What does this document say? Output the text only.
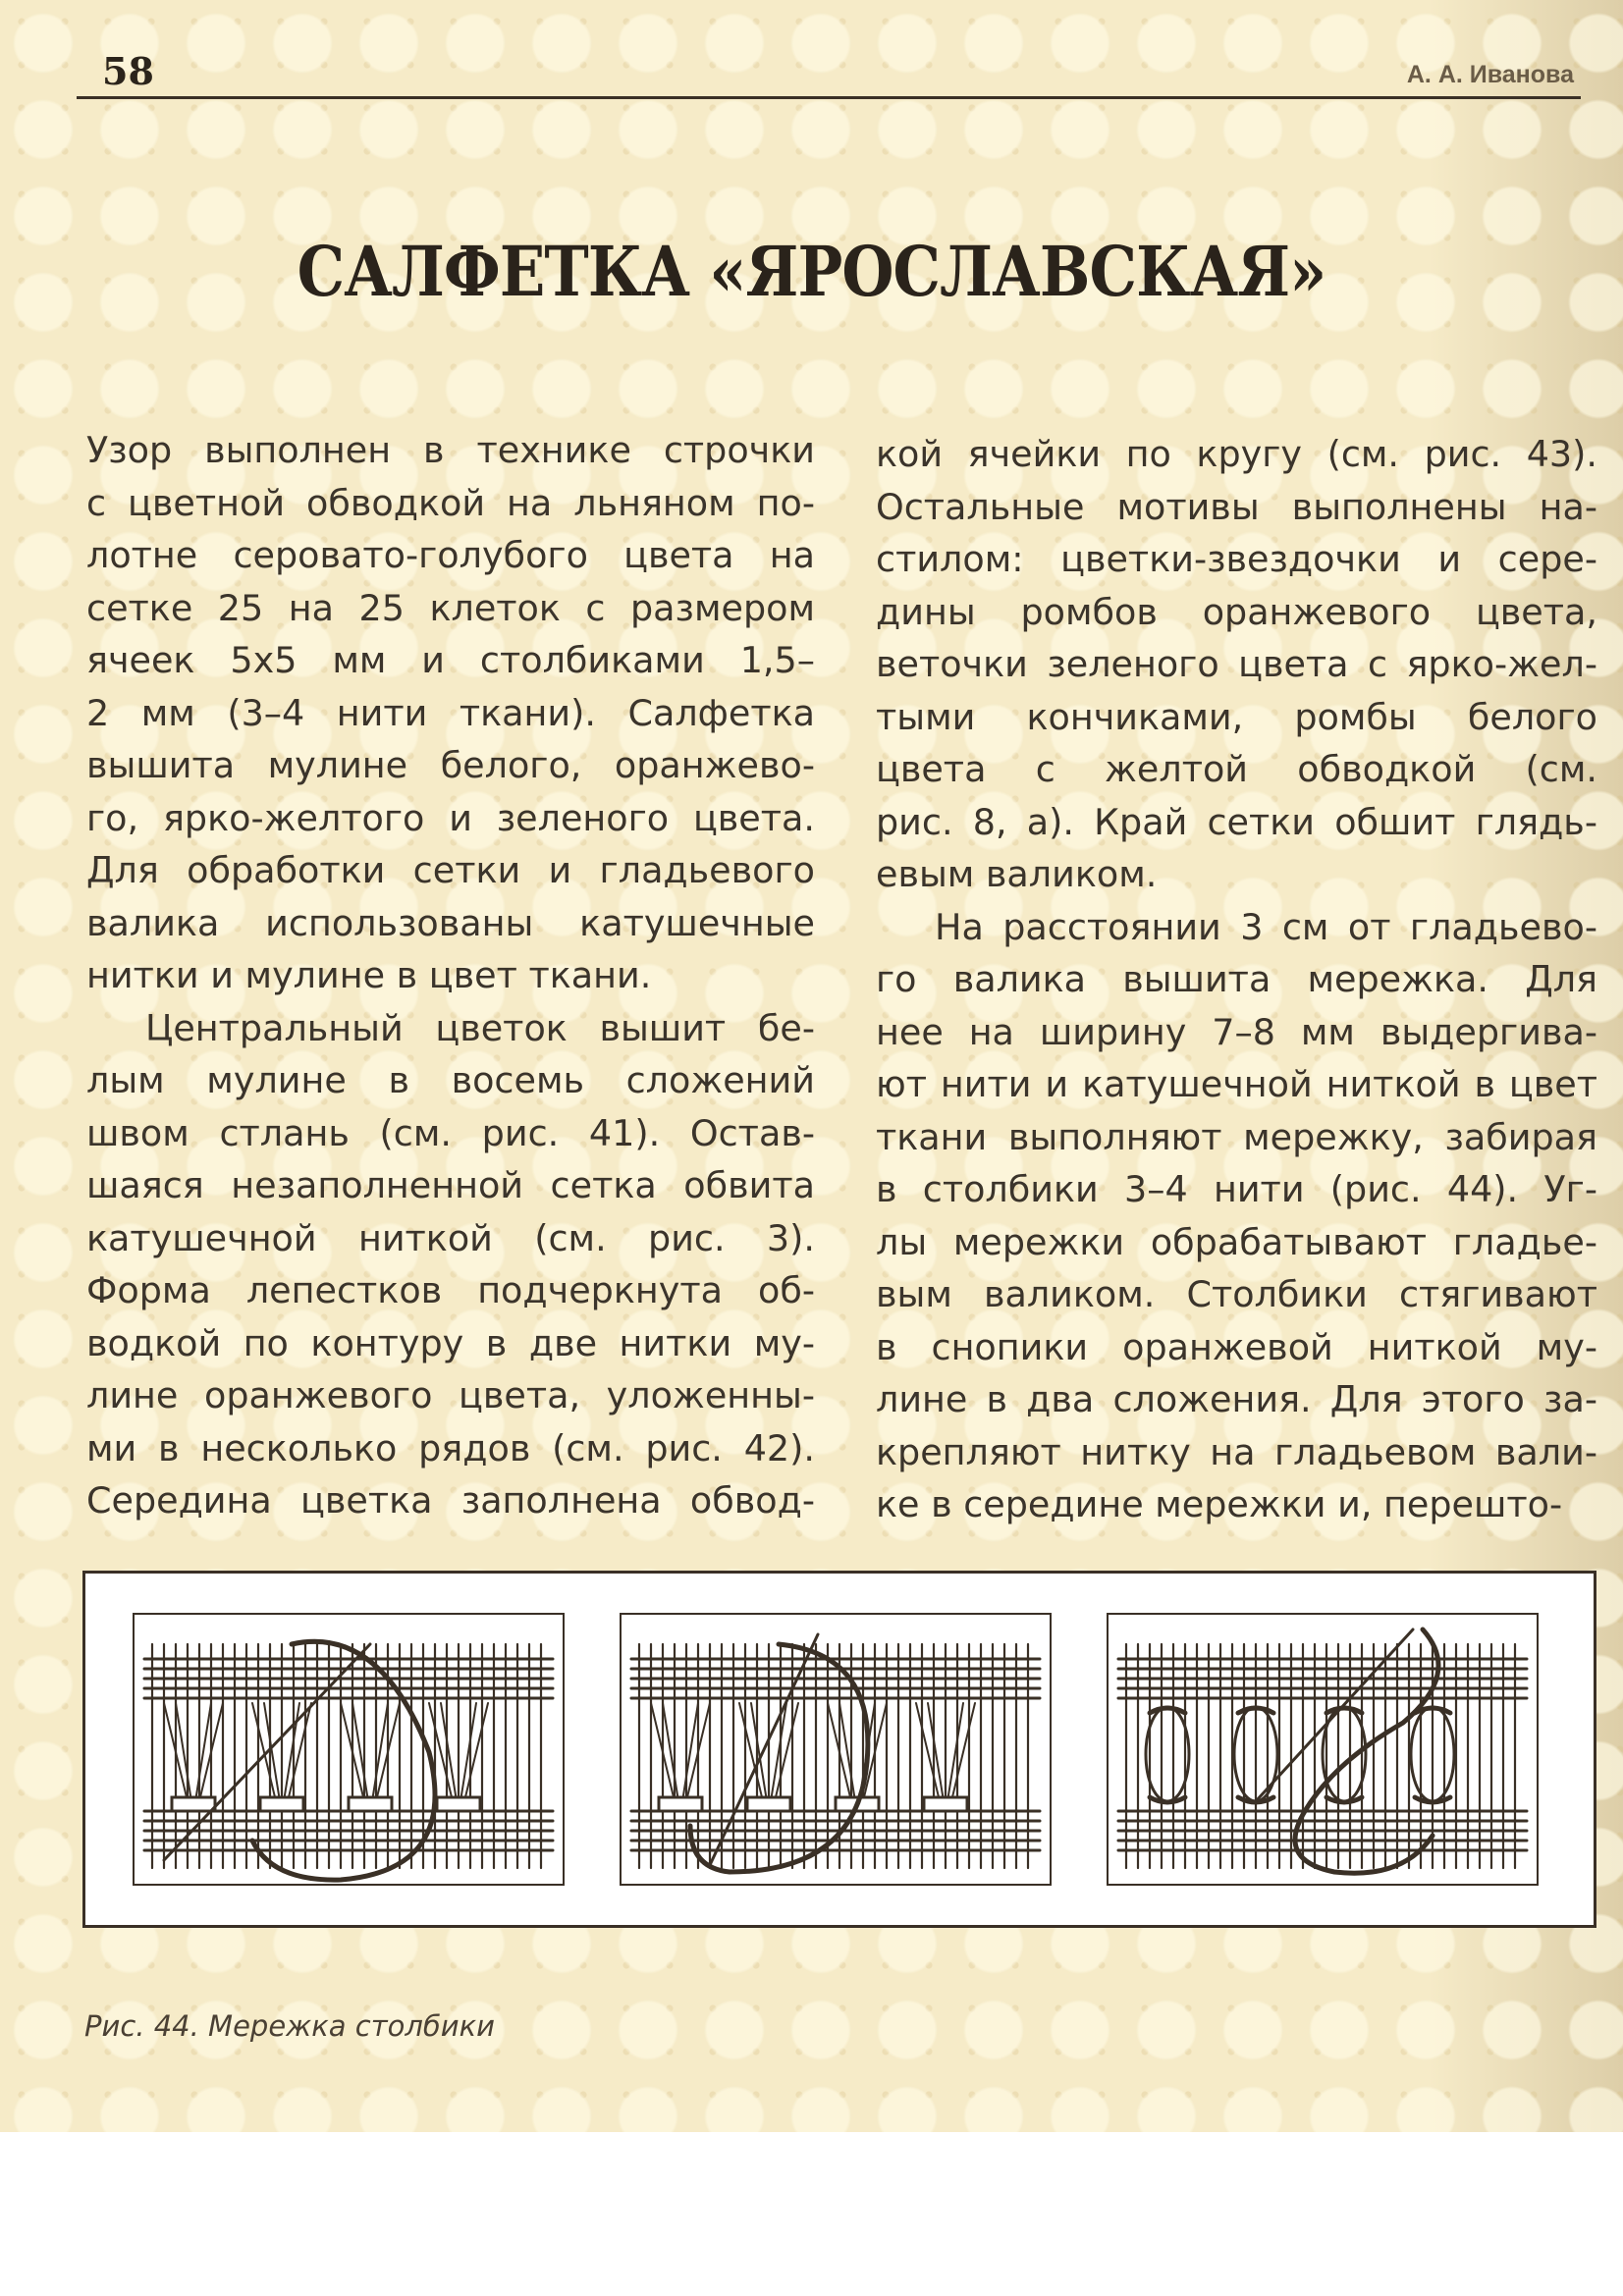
58	А. А. Иванова
САЛФЕТКА «ЯРОСЛАВСКАЯ»
Узор выполнен в технике строчки
с цветной обводкой на льняном по-
лотне серовато-голубого цвета на
сетке 25 на 25 клеток с размером
ячеек 5х5 мм и столбиками 1,5–
2 мм (3–4 нити ткани). Салфетка
вышита мулине белого, оранжево-
го, ярко-желтого и зеленого цвета.
Для обработки сетки и гладьевого
валика использованы катушечные
нитки и мулине в цвет ткани.
Центральный цветок вышит бе-
лым мулине в восемь сложений
швом стлань (см. рис. 41). Остав-
шаяся незаполненной сетка обвита
катушечной ниткой (см. рис. 3).
Форма лепестков подчеркнута об-
водкой по контуру в две нитки му-
лине оранжевого цвета, уложенны-
ми в несколько рядов (см. рис. 42).
Середина цветка заполнена обвод-
кой ячейки по кругу (см. рис. 43).
Остальные мотивы выполнены на-
стилом: цветки-звездочки и сере-
дины ромбов оранжевого цвета,
веточки зеленого цвета с ярко-жел-
тыми кончиками, ромбы белого
цвета с желтой обводкой (см.
рис. 8, а). Край сетки обшит глядь-
евым валиком.
На расстоянии 3 см от гладьево-
го валика вышита мережка. Для
нее на ширину 7–8 мм выдергива-
ют нити и катушечной ниткой в цвет
ткани выполняют мережку, забирая
в столбики 3–4 нити (рис. 44). Уг-
лы мережки обрабатывают гладье-
вым валиком. Столбики стягивают
в снопики оранжевой ниткой му-
лине в два сложения. Для этого за-
крепляют нитку на гладьевом вали-
ке в середине мережки и, перешто-
Рис. 44. Мережка столбики
